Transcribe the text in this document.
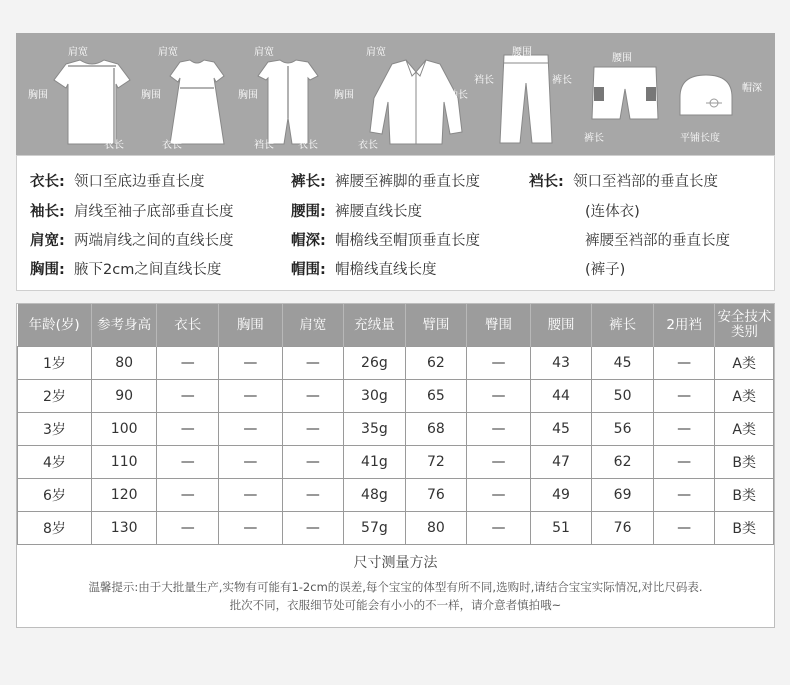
肩宽
胸围
衣长
肩宽
胸围
衣长
肩宽
胸围
裆长 衣长
肩宽
胸围	袖长
衣长
腰围
裆长	裤长
腰围
裤长
帽深
平铺长度
衣长: 领口至底边垂直长度
袖长: 肩线至袖子底部垂直长度
肩宽: 两端肩线之间的直线长度
胸围: 腋下2cm之间直线长度
裤长: 裤腰至裤脚的垂直长度
腰围: 裤腰直线长度
帽深: 帽檐线至帽顶垂直长度
帽围: 帽檐线直线长度
裆长: 领口至裆部的垂直长度
(连体衣)
裤腰至裆部的垂直长度
(裤子)
年龄(岁)	参考身高	衣长	胸围	肩宽	充绒量	臂围	臀围	腰围	裤长	2用裆	安全技术类别
1岁	80	—	—	—	26g	62	—	43	45	—	A类
2岁	90	—	—	—	30g	65	—	44	50	—	A类
3岁	100	—	—	—	35g	68	—	45	56	—	A类
4岁	110	—	—	—	41g	72	—	47	62	—	B类
6岁	120	—	—	—	48g	76	—	49	69	—	B类
8岁	130	—	—	—	57g	80	—	51	76	—	B类
尺寸测量方法
温馨提示:由于大批量生产,实物有可能有1-2cm的误差,每个宝宝的体型有所不同,选购时,请结合宝宝实际情况,对比尺码表.
批次不同，衣服细节处可能会有小小的不一样，请介意者慎拍哦~
